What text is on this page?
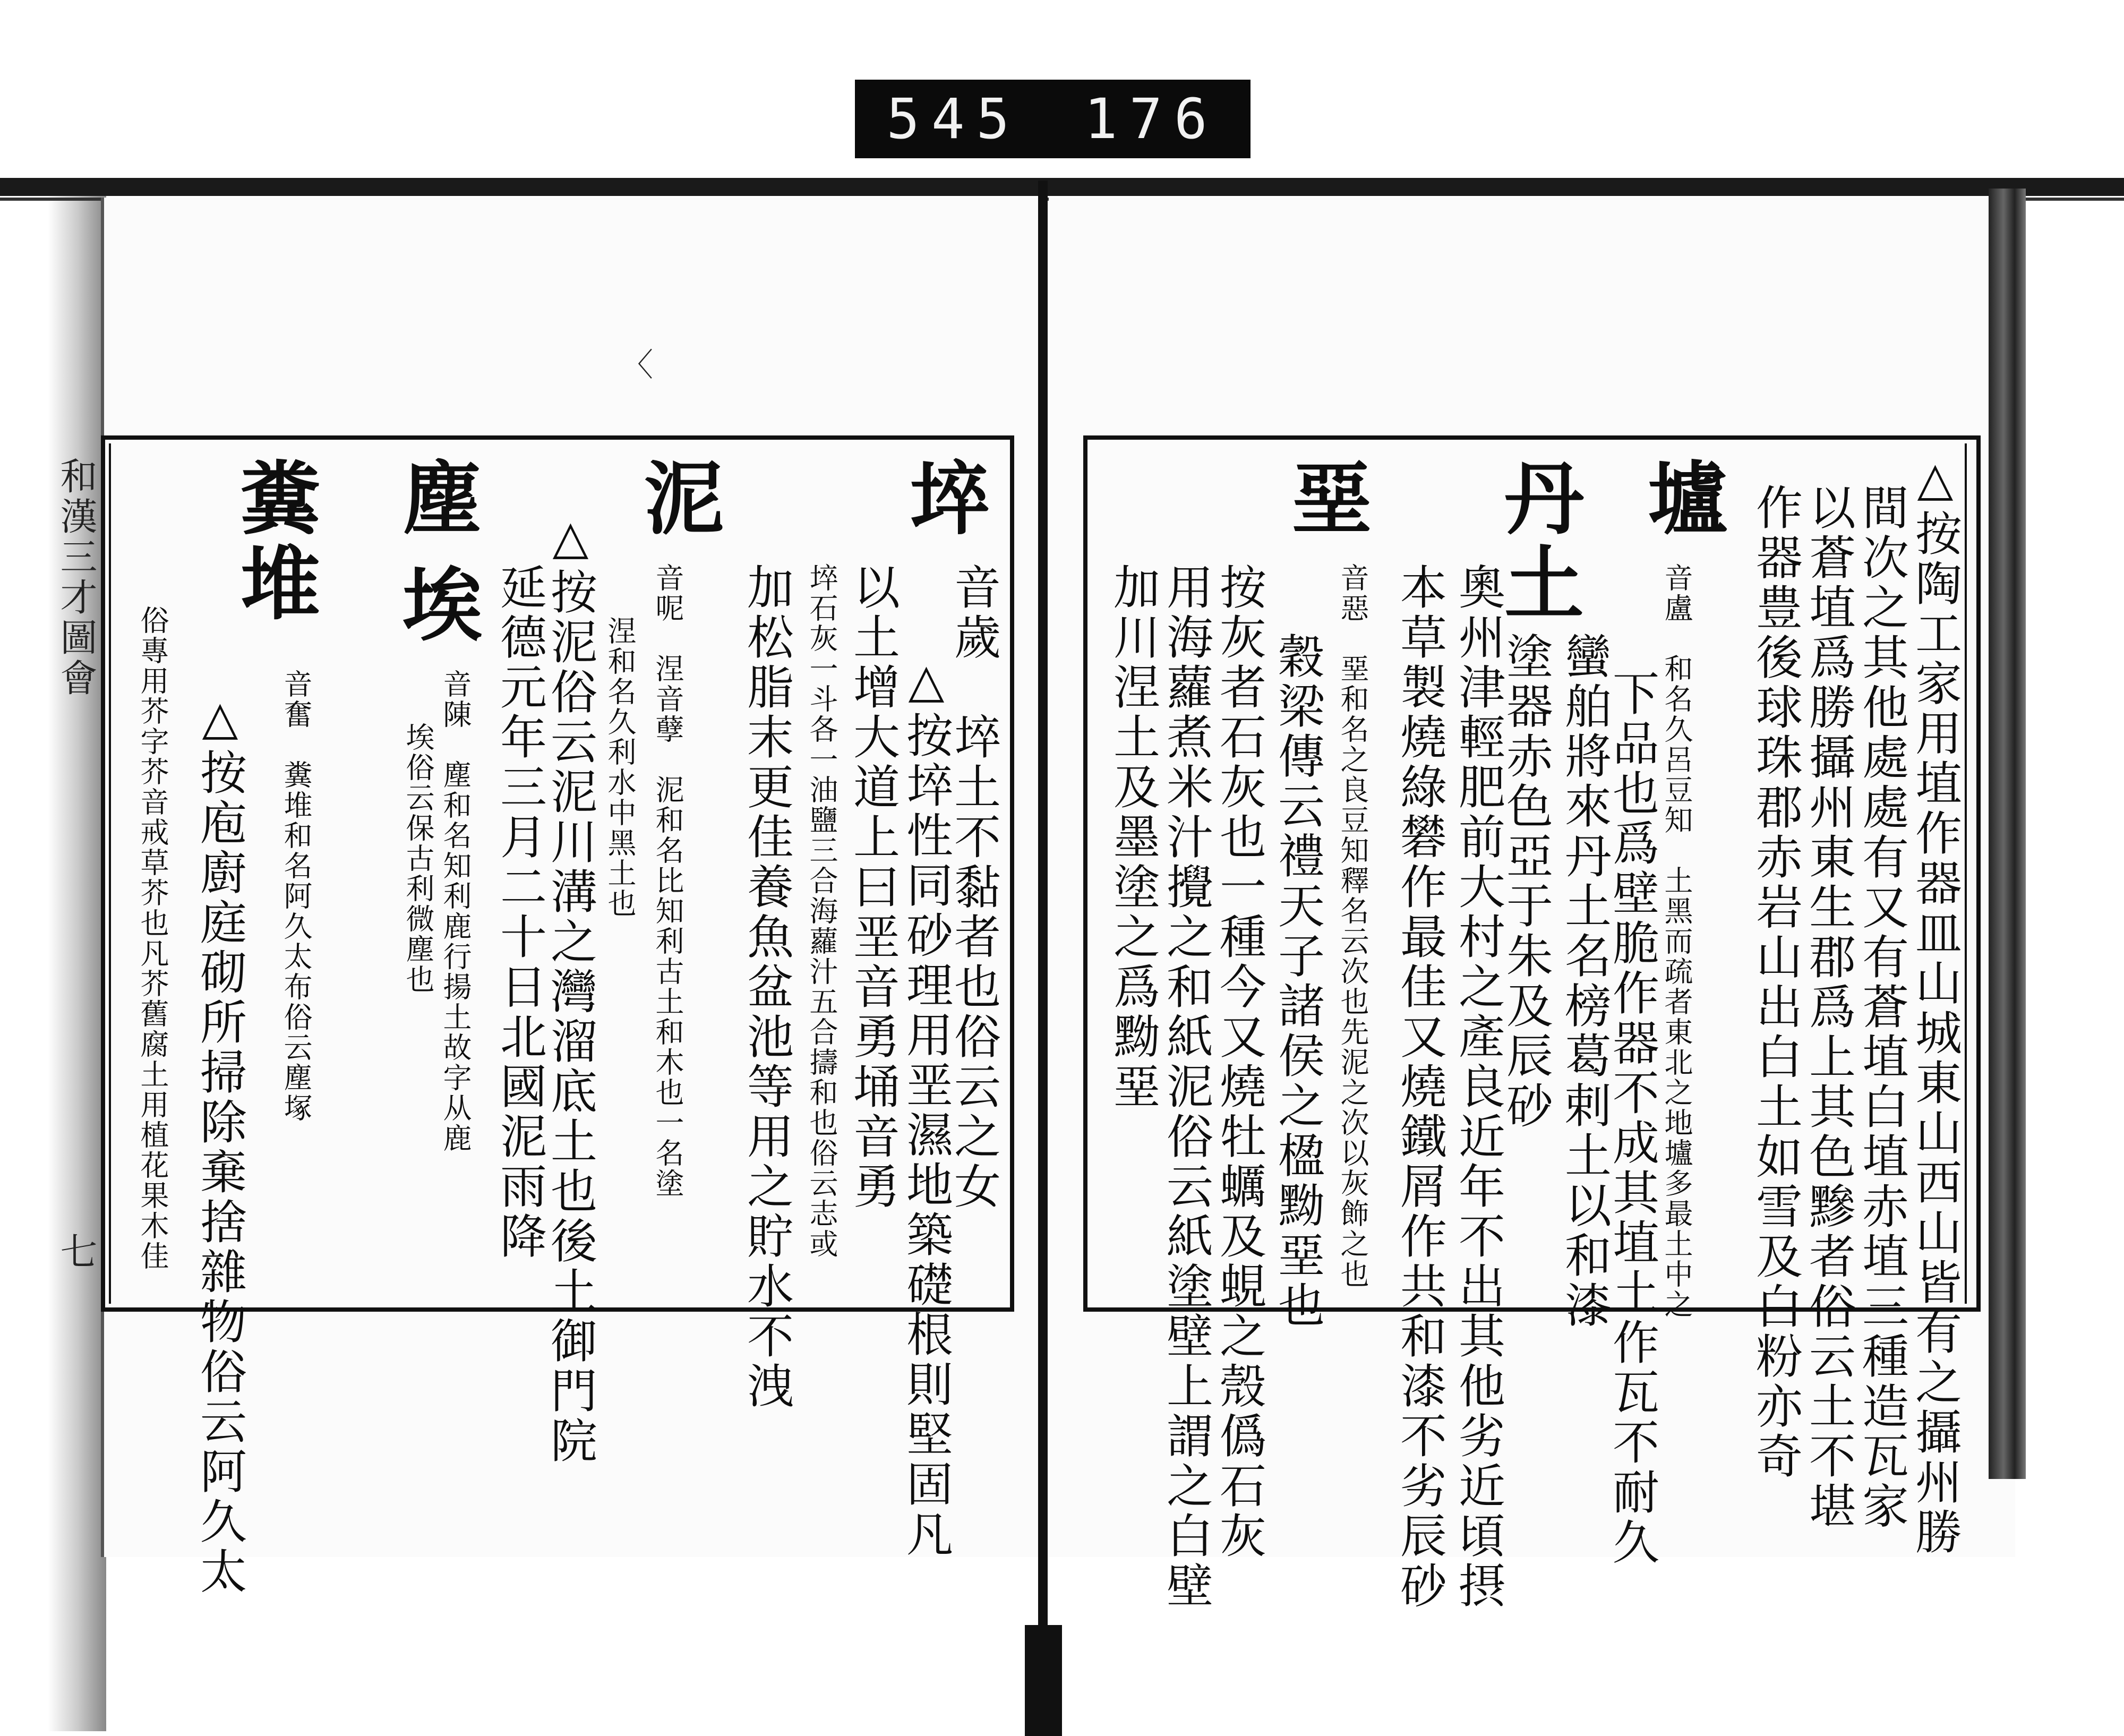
545 176
和漢三才圖會
七
〈
埣
音歲　埣土不黏者也俗云之女
△按埣性同砂理用垩濕地築礎根則堅固凡
以土增大道上曰垩音勇埇音勇
埣石灰一斗各一油鹽三合海蘿汁五合擣和也俗云志或
加松脂末更佳養魚盆池等用之貯水不洩
泥
音呢　涅音孽　泥和名比知利古土和木也一名塗
涅和名久利水中黑土也
△按泥俗云泥川溝之灣溜底土也後土御門院
延德元年三月二十日北國泥雨降
塵
埃
音陳　塵和名知利鹿行揚土故字从鹿
埃俗云保古利微塵也
糞
堆
音奮　糞堆和名阿久太布俗云塵塚
△按庖廚庭砌所掃除棄捨雜物俗云阿久太
俗專用芥字芥音戒草芥也凡芥舊腐土用植花果木佳	△按陶工家用埴作器皿山城東山西山皆有之攝州勝
間次之其他處處有又有蒼埴白埴赤埴三種造瓦家
以蒼埴爲勝攝州東生郡爲上其色黲者俗云土不堪
作器豊後球珠郡赤岩山出白土如雪及白粉亦奇
壚
音盧　和名久呂豆知　土黑而疏者東北之地壚多最土中之
下品也爲壁脆作器不成其埴土作瓦不耐久
丹土
蠻舶將來丹土名榜葛剌土以和漆
塗器赤色亞于朱及辰砂
奧州津輕肥前大村之產良近年不出其他劣近頃摂
本草製燒綠礬作最佳又燒鐵屑作共和漆不劣辰砂
堊
音惡　堊和名之良豆知釋名云次也先泥之次以灰飾之也
穀梁傳云禮天子諸侯之楹黝堊也
按灰者石灰也一種今又燒牡蠣及蜆之殼僞石灰
用海蘿煮米汁攪之和紙泥俗云紙塗壁上謂之白壁
加川涅土及墨塗之爲黝堊
